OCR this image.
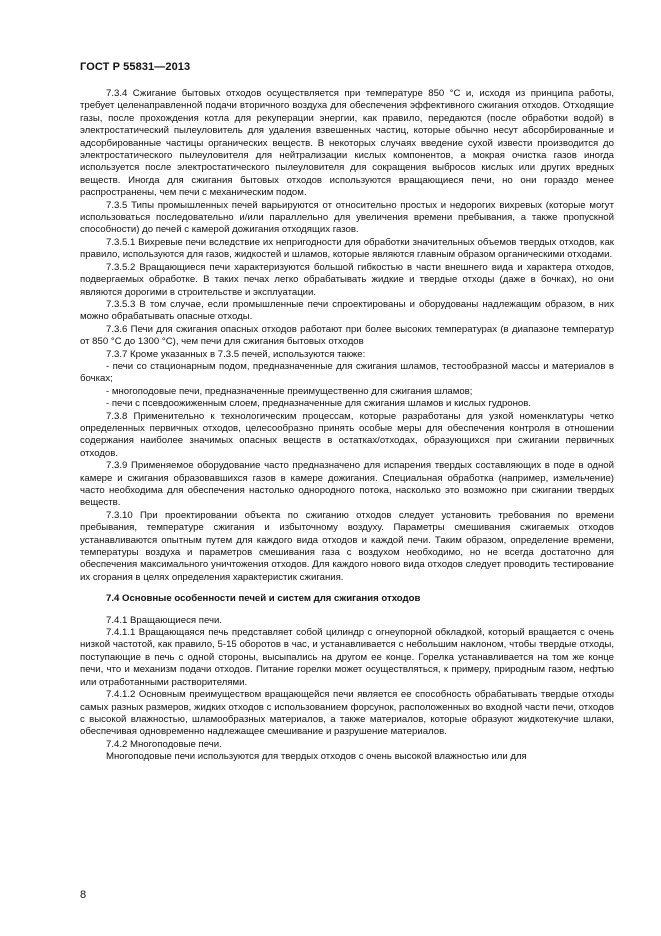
ГОСТ Р 55831—2013

7.3.4 Сжигание бытовых отходов осуществляется при температуре 850 °С и, исходя из принципа работы, требует целенаправленной подачи вторичного воздуха для обеспечения эффективного сжигания отходов. Отходящие газы, после прохождения котла для рекуперации энергии, как правило, передаются (после обработки водой) в электростатический пылеуловитель для удаления взвешенных частиц, которые обычно несут абсорбированные и адсорбированные частицы органических веществ. В некоторых случаях введение сухой извести производится до электростатического пылеуловителя для нейтрализации кислых компонентов, а мокрая очистка газов иногда используется после электростатического пылеуловителя для сокращения выбросов кислых или других вредных веществ. Иногда для сжигания бытовых отходов используются вращающиеся печи, но они гораздо менее распространены, чем печи с механическим подом.

7.3.5 Типы промышленных печей варьируются от относительно простых и недорогих вихревых (которые могут использоваться последовательно и/или параллельно для увеличения времени пребывания, а также пропускной способности) до печей с камерой дожигания отходящих газов.

7.3.5.1 Вихревые печи вследствие их непригодности для обработки значительных объемов твердых отходов, как правило, используются для газов, жидкостей и шламов, которые являются главным образом органическими отходами.

7.3.5.2 Вращающиеся печи характеризуются большой гибкостью в части внешнего вида и характера отходов, подвергаемых обработке. В таких печах легко обрабатывать жидкие и твердые отходы (даже в бочках), но они являются дорогими в строительстве и эксплуатации.

7.3.5.3 В том случае, если промышленные печи спроектированы и оборудованы надлежащим образом, в них можно обрабатывать опасные отходы.

7.3.6 Печи для сжигания опасных отходов работают при более высоких температурах (в диапазоне температур от 850 °С до 1300 °С), чем печи для сжигания бытовых отходов

7.3.7 Кроме указанных в 7.3.5 печей, используются также:

- печи со стационарным подом, предназначенные для сжигания шламов, тестообразной массы и материалов в бочках;

- многоподовые печи, предназначенные преимущественно для сжигания шламов;

- печи с псевдоожиженным слоем, предназначенные для сжигания шламов и кислых гудронов.

7.3.8 Применительно к технологическим процессам, которые разработаны для узкой номенклатуры четко определенных первичных отходов, целесообразно принять особые меры для обеспечения контроля в отношении содержания наиболее значимых опасных веществ в остатках/отходах, образующихся при сжигании первичных отходов.

7.3.9 Применяемое оборудование часто предназначено для испарения твердых составляющих в поде в одной камере и сжигания образовавшихся газов в камере дожигания. Специальная обработка (например, измельчение) часто необходима для обеспечения настолько однородного потока, насколько это возможно при сжигании твердых веществ.

7.3.10 При проектировании объекта по сжиганию отходов следует установить требования по времени пребывания, температуре сжигания и избыточному воздуху. Параметры смешивания сжигаемых отходов устанавливаются опытным путем для каждого вида отходов и каждой печи. Таким образом, определение времени, температуры воздуха и параметров смешивания газа с воздухом необходимо, но не всегда достаточно для обеспечения максимального уничтожения отходов. Для каждого нового вида отходов следует проводить тестирование их сгорания в целях определения характеристик сжигания.

7.4 Основные особенности печей и систем для сжигания отходов

7.4.1 Вращающиеся печи.

7.4.1.1 Вращающаяся печь представляет собой цилиндр с огнеупорной обкладкой, который вращается с очень низкой частотой, как правило, 5-15 оборотов в час, и устанавливается с небольшим наклоном, чтобы твердые отходы, поступающие в печь с одной стороны, высыпались на другом ее конце. Горелка устанавливается на том же конце печи, что и механизм подачи отходов. Питание горелки может осуществляться, к примеру, природным газом, нефтью или отработанными растворителями.

7.4.1.2 Основным преимуществом вращающейся печи является ее способность обрабатывать твердые отходы самых разных размеров, жидких отходов с использованием форсунок, расположенных во входной части печи, отходов с высокой влажностью, шламообразных материалов, а также материалов, которые образуют жидкотекучие шлаки, обеспечивая одновременно надлежащее смешивание и разрушение материалов.

7.4.2 Многоподовые печи.

Многоподовые печи используются для твердых отходов с очень высокой влажностью или для

8
